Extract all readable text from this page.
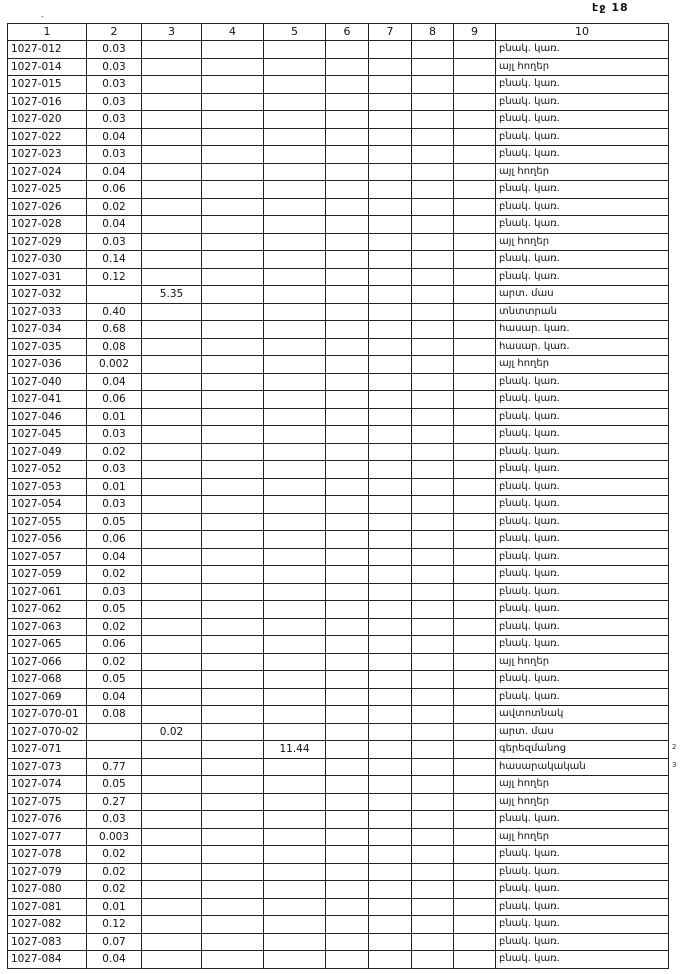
էջ 18
-
1	2	3	4	5	6	7	8	9	10
1027-012	0.03								բնակ. կառ.
1027-014	0.03								այլ հողեր
1027-015	0.03								բնակ. կառ.
1027-016	0.03								բնակ. կառ.
1027-020	0.03								բնակ. կառ.
1027-022	0.04								բնակ. կառ.
1027-023	0.03								բնակ. կառ.
1027-024	0.04								այլ հողեր
1027-025	0.06								բնակ. կառ.
1027-026	0.02								բնակ. կառ.
1027-028	0.04								բնակ. կառ.
1027-029	0.03								այլ հողեր
1027-030	0.14								բնակ. կառ.
1027-031	0.12								բնակ. կառ.
1027-032		5.35							արտ. մաս
1027-033	0.40								տնտտրան
1027-034	0.68								հասար. կառ.
1027-035	0.08								հասար. կառ.
1027-036	0.002								այլ հողեր
1027-040	0.04								բնակ. կառ.
1027-041	0.06								բնակ. կառ.
1027-046	0.01								բնակ. կառ.
1027-045	0.03								բնակ. կառ.
1027-049	0.02								բնակ. կառ.
1027-052	0.03								բնակ. կառ.
1027-053	0.01								բնակ. կառ.
1027-054	0.03								բնակ. կառ.
1027-055	0.05								բնակ. կառ.
1027-056	0.06								բնակ. կառ.
1027-057	0.04								բնակ. կառ.
1027-059	0.02								բնակ. կառ.
1027-061	0.03								բնակ. կառ.
1027-062	0.05								բնակ. կառ.
1027-063	0.02								բնակ. կառ.
1027-065	0.06								բնակ. կառ.
1027-066	0.02								այլ հողեր
1027-068	0.05								բնակ. կառ.
1027-069	0.04								բնակ. կառ.
1027-070-01	0.08								ավտոտնակ
1027-070-02		0.02							արտ. մաս
1027-071				11.44					գերեզմանոց
1027-073	0.77								հասարակական
1027-074	0.05								այլ հողեր
1027-075	0.27								այլ հողեր
1027-076	0.03								բնակ. կառ.
1027-077	0.003								այլ հողեր
1027-078	0.02								բնակ. կառ.
1027-079	0.02								բնակ. կառ.
1027-080	0.02								բնակ. կառ.
1027-081	0.01								բնակ. կառ.
1027-082	0.12								բնակ. կառ.
1027-083	0.07								բնակ. կառ.
1027-084	0.04								բնակ. կառ.
2
3
